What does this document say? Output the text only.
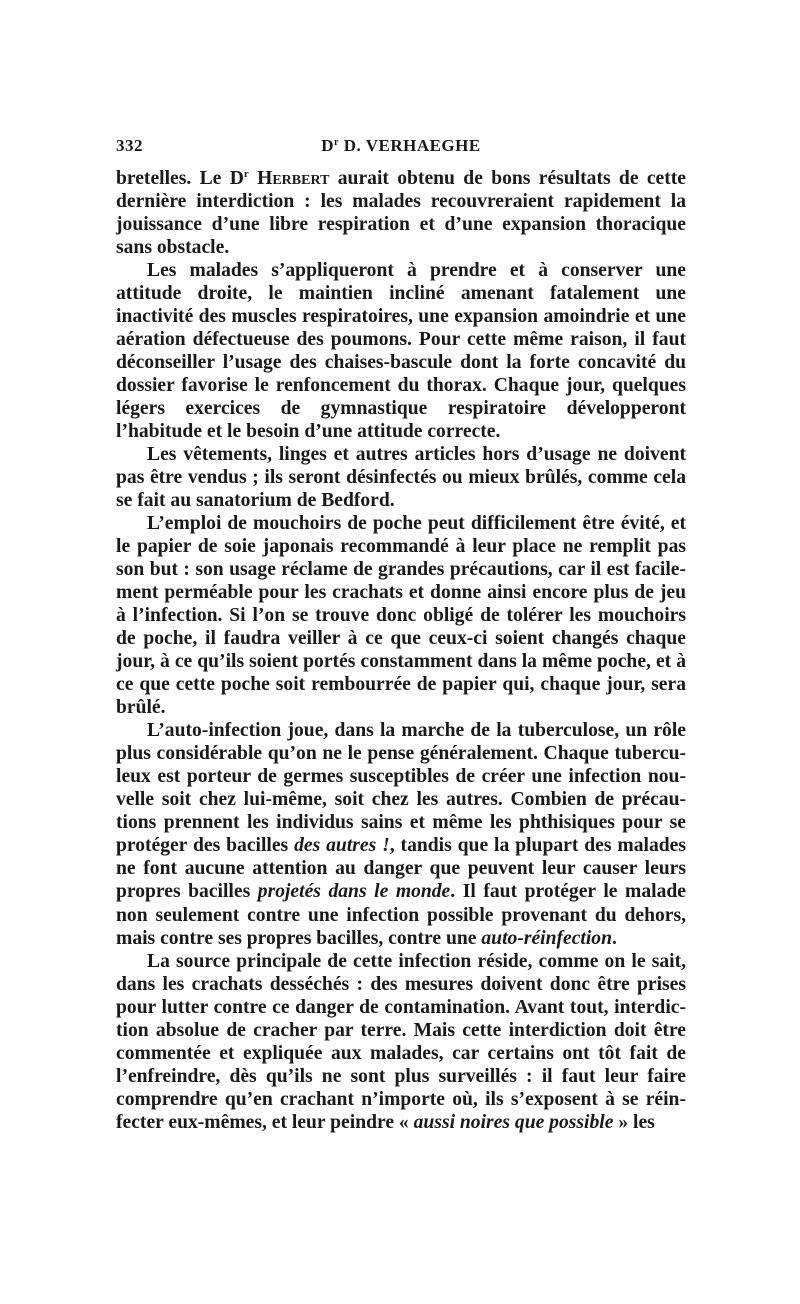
332	$D^r$ D. VERHAEGHE

bretelles. Le $D^r$ Herbert aurait obtenu de bons résultats de cette dernière interdiction : les malades recouvreraient rapidement la jouissance d’une libre respiration et d’une expansion thoracique sans obstacle.

Les malades s’appliqueront à prendre et à conserver une attitude droite, le maintien incliné amenant fatalement une inactivité des muscles respiratoires, une expansion amoindrie et une aération défectueuse des poumons. Pour cette même raison, il faut déconseiller l’usage des chaises-bascule dont la forte concavité du dossier favorise le renfoncement du thorax. Chaque jour, quelques légers exercices de gymnastique respiratoire développeront l’habitude et le besoin d’une attitude correcte.

Les vêtements, linges et autres articles hors d’usage ne doivent pas être vendus ; ils seront désinfectés ou mieux brûlés, comme cela se fait au sanatorium de Bedford.

L’emploi de mouchoirs de poche peut difficilement être évité, et le papier de soie japonais recommandé à leur place ne remplit pas son but : son usage réclame de grandes précautions, car il est facilement perméable pour les crachats et donne ainsi encore plus de jeu à l’infection. Si l’on se trouve donc obligé de tolérer les mouchoirs de poche, il faudra veiller à ce que ceux-ci soient changés chaque jour, à ce qu’ils soient portés constamment dans la même poche, et à ce que cette poche soit rembourrée de papier qui, chaque jour, sera brûlé.

L’auto-infection joue, dans la marche de la tuberculose, un rôle plus considérable qu’on ne le pense généralement. Chaque tuberculeux est porteur de germes susceptibles de créer une infection nouvelle soit chez lui-même, soit chez les autres. Combien de précautions prennent les individus sains et même les phthisiques pour se protéger des bacilles des autres !, tandis que la plupart des malades ne font aucune attention au danger que peuvent leur causer leurs propres bacilles projetés dans le monde. Il faut protéger le malade non seulement contre une infection possible provenant du dehors, mais contre ses propres bacilles, contre une auto-réinfection.

La source principale de cette infection réside, comme on le sait, dans les crachats desséchés : des mesures doivent donc être prises pour lutter contre ce danger de contamination. Avant tout, interdiction absolue de cracher par terre. Mais cette interdiction doit être commentée et expliquée aux malades, car certains ont tôt fait de l’enfreindre, dès qu’ils ne sont plus surveillés : il faut leur faire comprendre qu’en crachant n’importe où, ils s’exposent à se réinfecter eux-mêmes, et leur peindre « aussi noires que possible » les
